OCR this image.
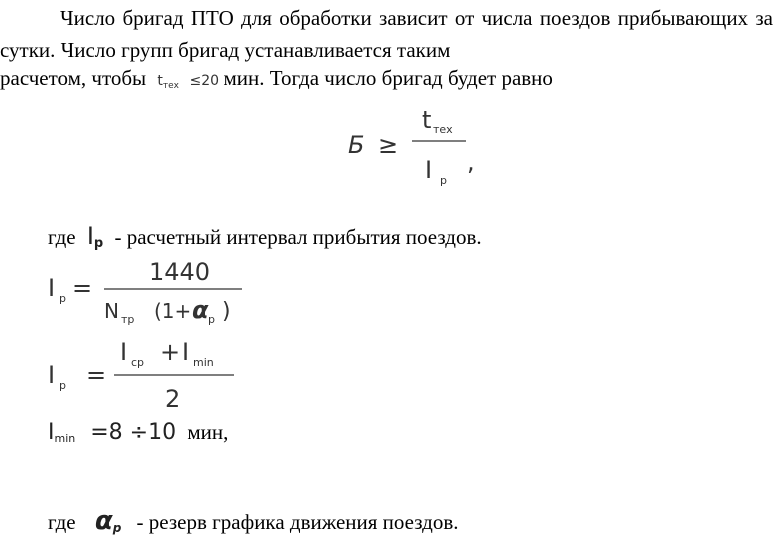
Число бригад ПТО для обработки зависит от числа поездов прибывающих за сутки. Число групп бригад устанавливается таким

расчетом, чтобы $t_{тех} \le 20$ мин. Тогда число бригад будет равно
Б ≥
t тех
I р
,
где $I_р$ - расчетный интервал прибытия поездов.
I р =
1440
N тр (1+ α р )
I р =
I ср + I min
2
$I_{min} =8 \div 10$ мин,
где $\alpha_р$ - резерв графика движения поездов.
